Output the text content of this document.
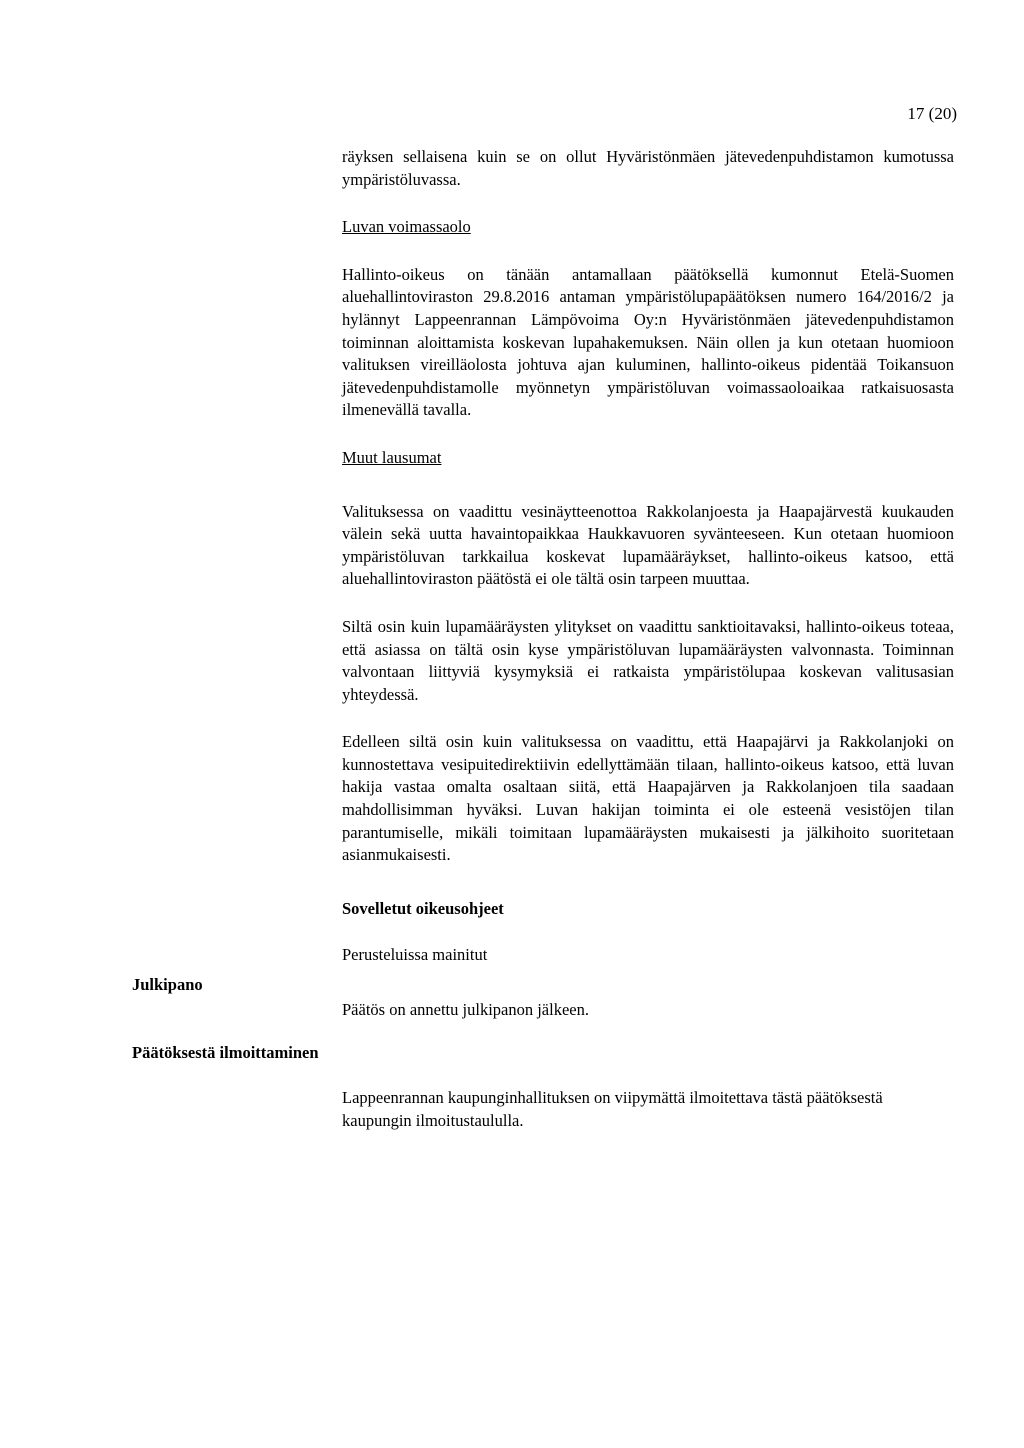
17 (20)

räyksen sellaisena kuin se on ollut Hyväristönmäen jätevedenpuhdistamon kumotussa ympäristöluvassa.

Luvan voimassaolo

Hallinto-oikeus on tänään antamallaan päätöksellä kumonnut Etelä-Suomen aluehallintoviraston 29.8.2016 antaman ympäristölupapäätöksen numero 164/2016/2 ja hylännyt Lappeenrannan Lämpövoima Oy:n Hyväristönmäen jätevedenpuhdistamon toiminnan aloittamista koskevan lupahakemuksen. Näin ollen ja kun otetaan huomioon valituksen vireilläolosta johtuva ajan kuluminen, hallinto-oikeus pidentää Toikansuon jätevedenpuhdistamolle myönnetyn ympäristöluvan voimassaoloaikaa ratkaisuosasta ilmenevällä tavalla.

Muut lausumat

Valituksessa on vaadittu vesinäytteenottoa Rakkolanjoesta ja Haapajärvestä kuukauden välein sekä uutta havaintopaikkaa Haukkavuoren syvänteeseen. Kun otetaan huomioon ympäristöluvan tarkkailua koskevat lupamääräykset, hallinto-oikeus katsoo, että aluehallintoviraston päätöstä ei ole tältä osin tarpeen muuttaa.

Siltä osin kuin lupamääräysten ylitykset on vaadittu sanktioitavaksi, hallinto-oikeus toteaa, että asiassa on tältä osin kyse ympäristöluvan lupamääräysten valvonnasta. Toiminnan valvontaan liittyviä kysymyksiä ei ratkaista ympäristölupaa koskevan valitusasian yhteydessä.

Edelleen siltä osin kuin valituksessa on vaadittu, että Haapajärvi ja Rakkolanjoki on kunnostettava vesipuitedirektiivin edellyttämään tilaan, hallinto-oikeus katsoo, että luvan hakija vastaa omalta osaltaan siitä, että Haapajärven ja Rakkolanjoen tila saadaan mahdollisimman hyväksi. Luvan hakijan toiminta ei ole esteenä vesistöjen tilan parantumiselle, mikäli toimitaan lupamääräysten mukaisesti ja jälkihoito suoritetaan asianmukaisesti.

Sovelletut oikeusohjeet

Perusteluissa mainitut

Julkipano

Päätös on annettu julkipanon jälkeen.

Päätöksestä ilmoittaminen

Lappeenrannan kaupunginhallituksen on viipymättä ilmoitettava tästä päätöksestä kaupungin ilmoitustaululla.
